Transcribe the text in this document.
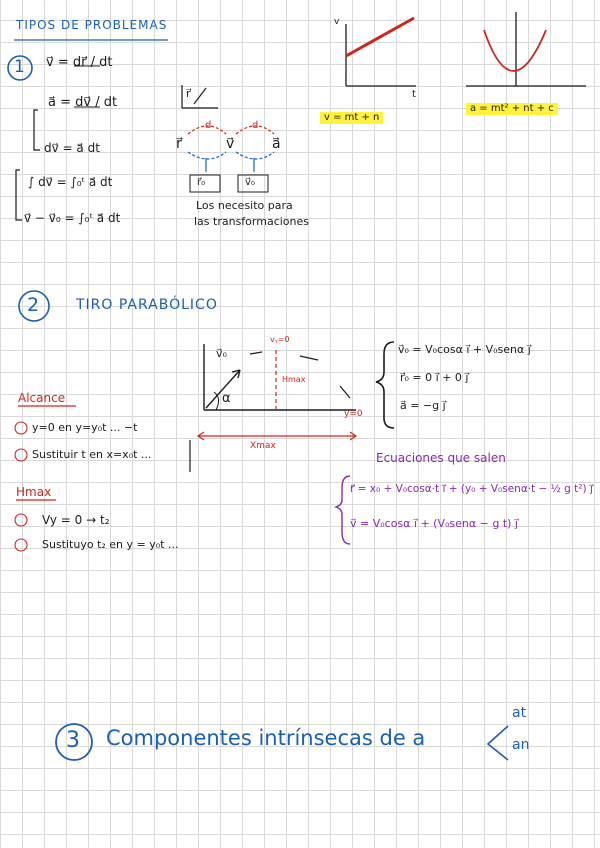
TIPOS DE PROBLEMAS
1 v⃗ = dr⃗ / dt
a⃗ = dv⃗ / dt
dv⃗ = a⃗ dt
∫ dv⃗ = ∫₀ᵗ a⃗ dt
v⃗ − v⃗₀ = ∫₀ᵗ a⃗ dt
r⃗
d	d
r⃗	v⃗	a⃗
r⃗₀	v⃗₀
Los necesito para
las transformaciones
v
t
v = mt + n
a = mt² + nt + c
2	TIRO PARABÓLICO
v⃗₀
α
vᵧ=0
Hmax
y=0
Xmax
v⃗₀ = V₀cosα i⃗ + V₀senα j⃗
r⃗₀ = 0 i⃗ + 0 j⃗
a⃗ = −g j⃗
Alcance
y=0 en y=y₀t ... −t
Sustituir t en x=x₀t ...
Hmax
Vy = 0 → t₂
Sustituyo t₂ en y = y₀t ...
Ecuaciones que salen
r⃗ = x₀ + V₀cosα·t i⃗ + (y₀ + V₀senα·t − ½ g t²) j⃗
v⃗ = V₀cosα i⃗ + (V₀senα − g t) j⃗
3 Componentes intrínsecas de a
at
an
